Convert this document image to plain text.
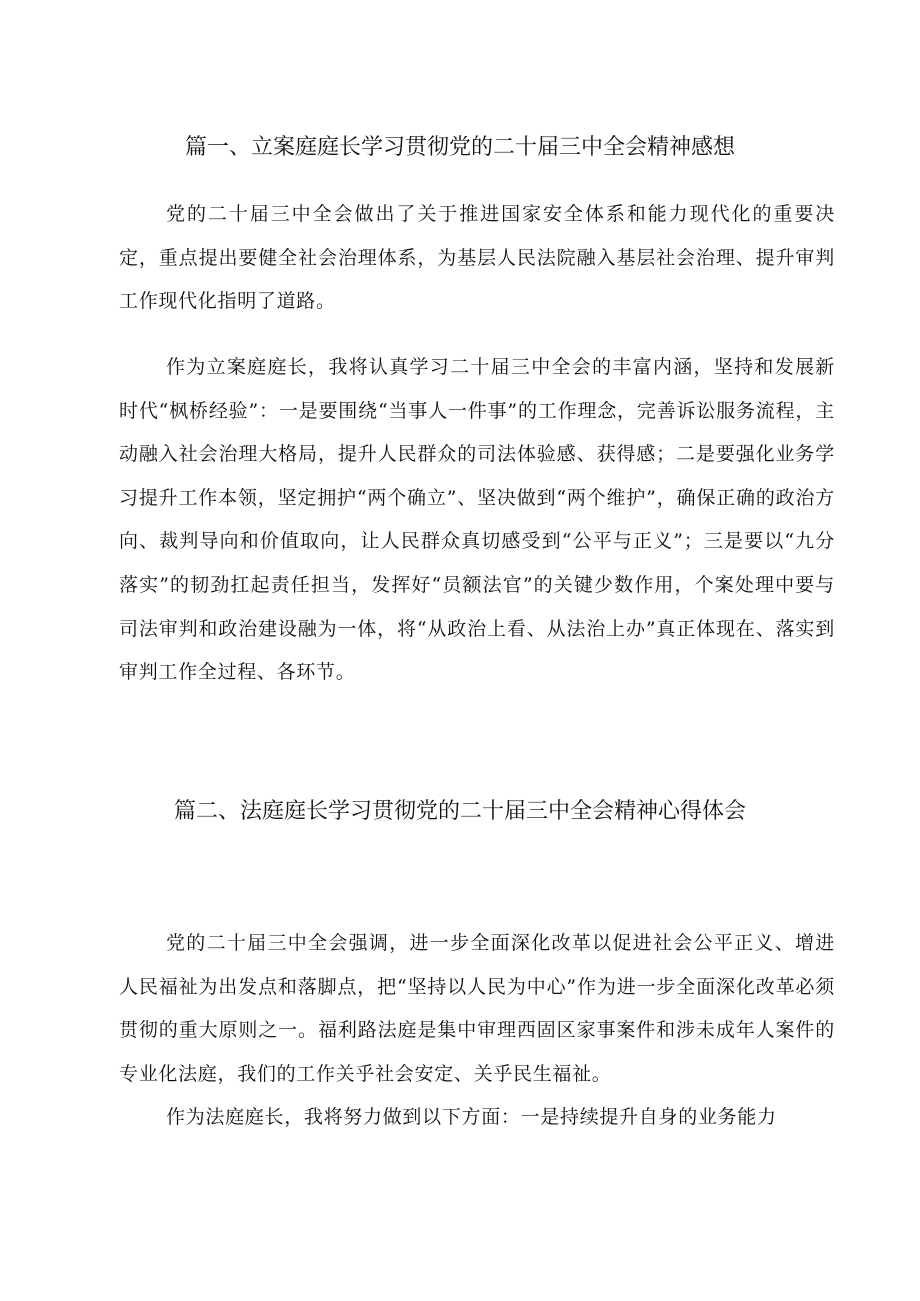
篇一、立案庭庭长学习贯彻党的二十届三中全会精神感想

党的二十届三中全会做出了关于推进国家安全体系和能力现代化的重要决定，重点提出要健全社会治理体系，为基层人民法院融入基层社会治理、提升审判工作现代化指明了道路。

作为立案庭庭长，我将认真学习二十届三中全会的丰富内涵，坚持和发展新时代“枫桥经验”：一是要围绕“当事人一件事”的工作理念，完善诉讼服务流程，主动融入社会治理大格局，提升人民群众的司法体验感、获得感；二是要强化业务学习提升工作本领，坚定拥护“两个确立”、坚决做到“两个维护”，确保正确的政治方向、裁判导向和价值取向，让人民群众真切感受到“公平与正义”；三是要以“九分落实”的韧劲扛起责任担当，发挥好“员额法官”的关键少数作用，个案处理中要与司法审判和政治建设融为一体，将“从政治上看、从法治上办”真正体现在、落实到审判工作全过程、各环节。

篇二、法庭庭长学习贯彻党的二十届三中全会精神心得体会

党的二十届三中全会强调，进一步全面深化改革以促进社会公平正义、增进人民福祉为出发点和落脚点，把“坚持以人民为中心”作为进一步全面深化改革必须贯彻的重大原则之一。福利路法庭是集中审理西固区家事案件和涉未成年人案件的专业化法庭，我们的工作关乎社会安定、关乎民生福祉。

作为法庭庭长，我将努力做到以下方面：一是持续提升自身的业务能力
